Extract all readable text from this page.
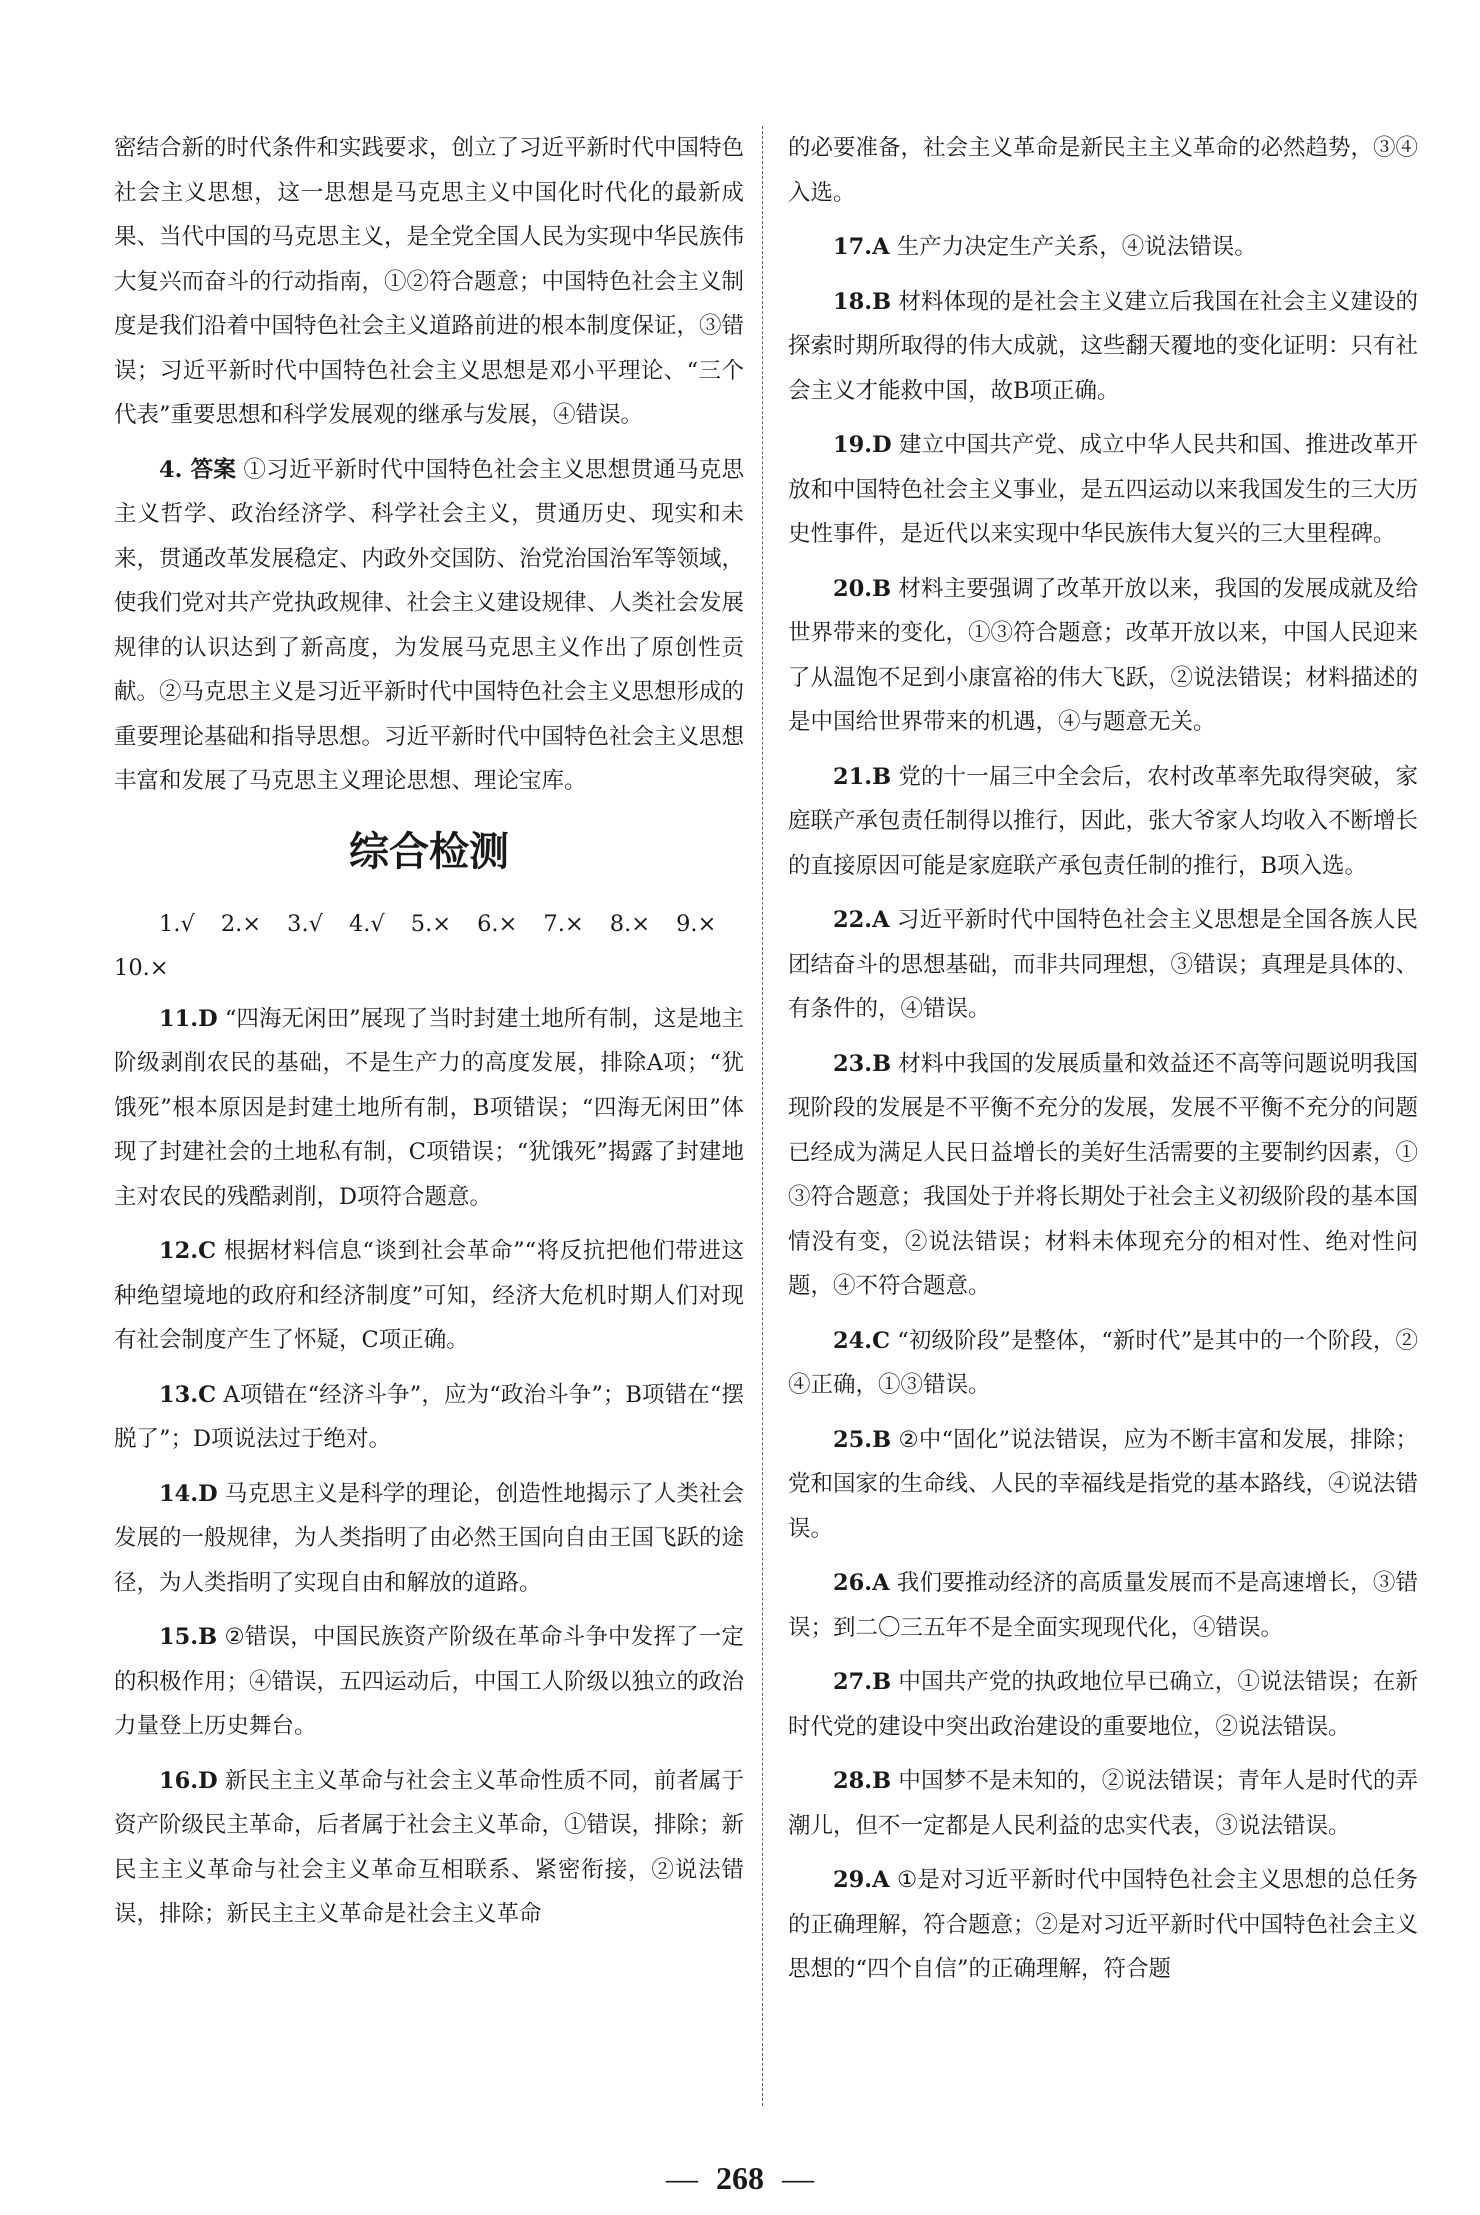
密结合新的时代条件和实践要求，创立了习近平新时代中国特色社会主义思想，这一思想是马克思主义中国化时代化的最新成果、当代中国的马克思主义，是全党全国人民为实现中华民族伟大复兴而奋斗的行动指南，①②符合题意；中国特色社会主义制度是我们沿着中国特色社会主义道路前进的根本制度保证，③错误；习近平新时代中国特色社会主义思想是邓小平理论、“三个代表”重要思想和科学发展观的继承与发展，④错误。

4. 答案 ①习近平新时代中国特色社会主义思想贯通马克思主义哲学、政治经济学、科学社会主义，贯通历史、现实和未来，贯通改革发展稳定、内政外交国防、治党治国治军等领域，使我们党对共产党执政规律、社会主义建设规律、人类社会发展规律的认识达到了新高度，为发展马克思主义作出了原创性贡献。②马克思主义是习近平新时代中国特色社会主义思想形成的重要理论基础和指导思想。习近平新时代中国特色社会主义思想丰富和发展了马克思主义理论思想、理论宝库。

综合检测
1.√ 2.× 3.√ 4.√ 5.× 6.× 7.× 8.× 9.×10.×

11.D “四海无闲田”展现了当时封建土地所有制，这是地主阶级剥削农民的基础，不是生产力的高度发展，排除A项；“犹饿死”根本原因是封建土地所有制，B项错误；“四海无闲田”体现了封建社会的土地私有制，C项错误；“犹饿死”揭露了封建地主对农民的残酷剥削，D项符合题意。

12.C 根据材料信息“谈到社会革命”“将反抗把他们带进这种绝望境地的政府和经济制度”可知，经济大危机时期人们对现有社会制度产生了怀疑，C项正确。

13.C A项错在“经济斗争”，应为“政治斗争”；B项错在“摆脱了”；D项说法过于绝对。

14.D 马克思主义是科学的理论，创造性地揭示了人类社会发展的一般规律，为人类指明了由必然王国向自由王国飞跃的途径，为人类指明了实现自由和解放的道路。

15.B ②错误，中国民族资产阶级在革命斗争中发挥了一定的积极作用；④错误，五四运动后，中国工人阶级以独立的政治力量登上历史舞台。

16.D 新民主主义革命与社会主义革命性质不同，前者属于资产阶级民主革命，后者属于社会主义革命，①错误，排除；新民主主义革命与社会主义革命互相联系、紧密衔接，②说法错误，排除；新民主主义革命是社会主义革命

的必要准备，社会主义革命是新民主主义革命的必然趋势，③④入选。

17.A 生产力决定生产关系，④说法错误。

18.B 材料体现的是社会主义建立后我国在社会主义建设的探索时期所取得的伟大成就，这些翻天覆地的变化证明：只有社会主义才能救中国，故B项正确。

19.D 建立中国共产党、成立中华人民共和国、推进改革开放和中国特色社会主义事业，是五四运动以来我国发生的三大历史性事件，是近代以来实现中华民族伟大复兴的三大里程碑。

20.B 材料主要强调了改革开放以来，我国的发展成就及给世界带来的变化，①③符合题意；改革开放以来，中国人民迎来了从温饱不足到小康富裕的伟大飞跃，②说法错误；材料描述的是中国给世界带来的机遇，④与题意无关。

21.B 党的十一届三中全会后，农村改革率先取得突破，家庭联产承包责任制得以推行，因此，张大爷家人均收入不断增长的直接原因可能是家庭联产承包责任制的推行，B项入选。

22.A 习近平新时代中国特色社会主义思想是全国各族人民团结奋斗的思想基础，而非共同理想，③错误；真理是具体的、有条件的，④错误。

23.B 材料中我国的发展质量和效益还不高等问题说明我国现阶段的发展是不平衡不充分的发展，发展不平衡不充分的问题已经成为满足人民日益增长的美好生活需要的主要制约因素，①③符合题意；我国处于并将长期处于社会主义初级阶段的基本国情没有变，②说法错误；材料未体现充分的相对性、绝对性问题，④不符合题意。

24.C “初级阶段”是整体，“新时代”是其中的一个阶段，②④正确，①③错误。

25.B ②中“固化”说法错误，应为不断丰富和发展，排除；党和国家的生命线、人民的幸福线是指党的基本路线，④说法错误。

26.A 我们要推动经济的高质量发展而不是高速增长，③错误；到二〇三五年不是全面实现现代化，④错误。

27.B 中国共产党的执政地位早已确立，①说法错误；在新时代党的建设中突出政治建设的重要地位，②说法错误。

28.B 中国梦不是未知的，②说法错误；青年人是时代的弄潮儿，但不一定都是人民利益的忠实代表，③说法错误。

29.A ①是对习近平新时代中国特色社会主义思想的总任务的正确理解，符合题意；②是对习近平新时代中国特色社会主义思想的“四个自信”的正确理解，符合题

— 268 —
